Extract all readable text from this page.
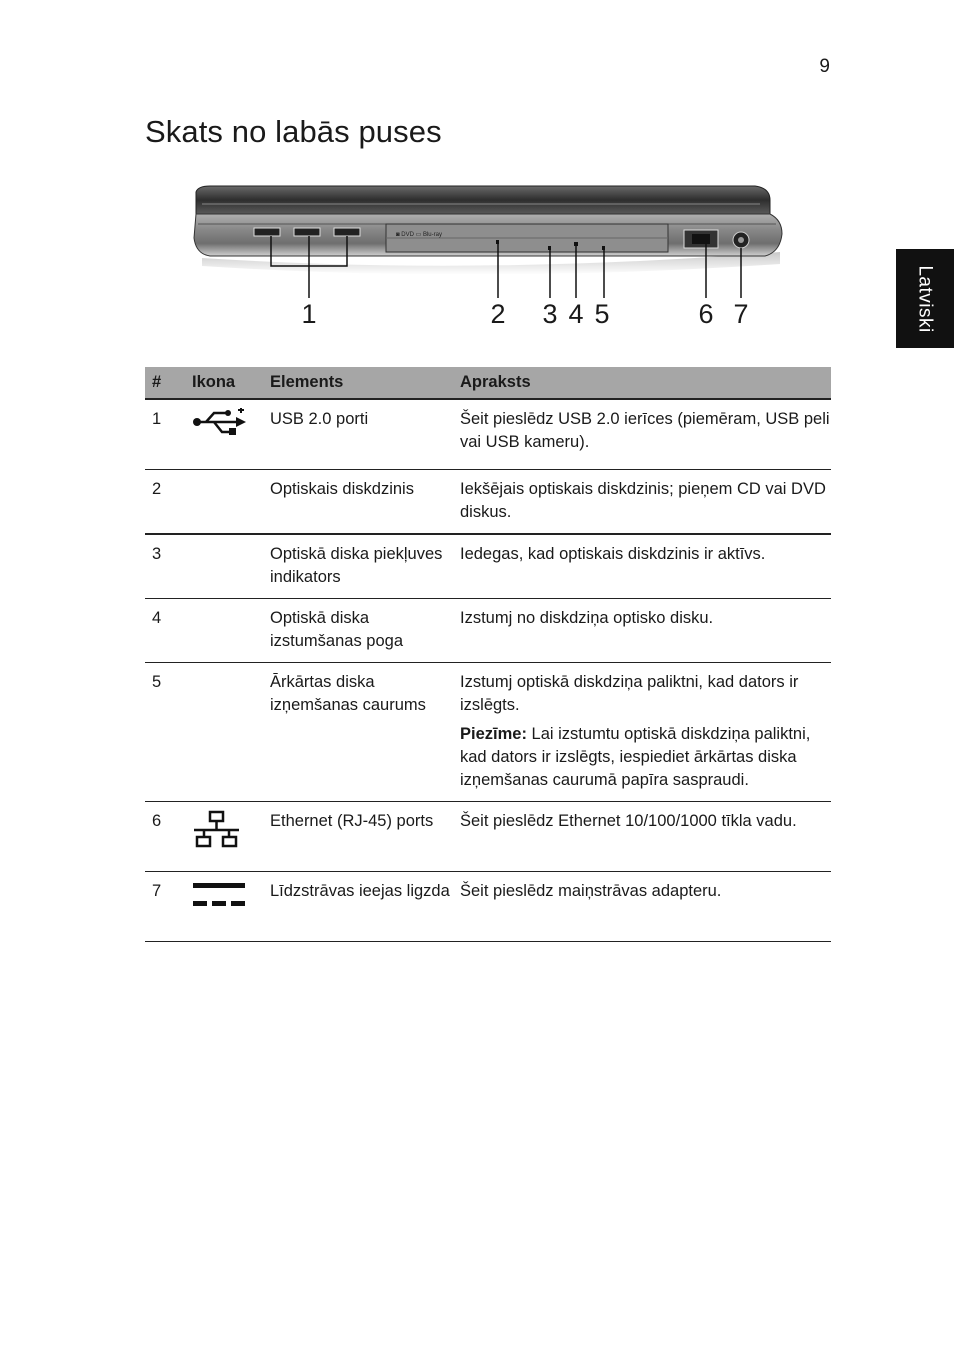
9
Skats no labās puses
Latviski
◙ DVD ▭ Blu-ray
1	2 3 4 5	6 7
#	Ikona	Elements	Apraksts
1		USB 2.0 porti	Šeit pieslēdz USB 2.0 ierīces (piemēram, USB peli vai USB kameru).

2		Optiskais diskdzinis	Iekšējais optiskais diskdzinis; pieņem CD vai DVD diskus.

3		Optiskā diska piekļuves indikators	Iedegas, kad optiskais diskdzinis ir aktīvs.

4		Optiskā diska izstumšanas poga	Izstumj no diskdziņa optisko disku.

5		Ārkārtas diska izņemšanas caurums	Izstumj optiskā diskdziņa paliktni, kad dators ir izslēgts.

Piezīme: Lai izstumtu optiskā diskdziņa paliktni, kad dators ir izslēgts, iespiediet ārkārtas diska izņemšanas caurumā papīra saspraudi.

6		Ethernet (RJ-45) ports	Šeit pieslēdz Ethernet 10/100/1000 tīkla vadu.

7		Līdzstrāvas ieejas ligzda	Šeit pieslēdz maiņstrāvas adapteru.
